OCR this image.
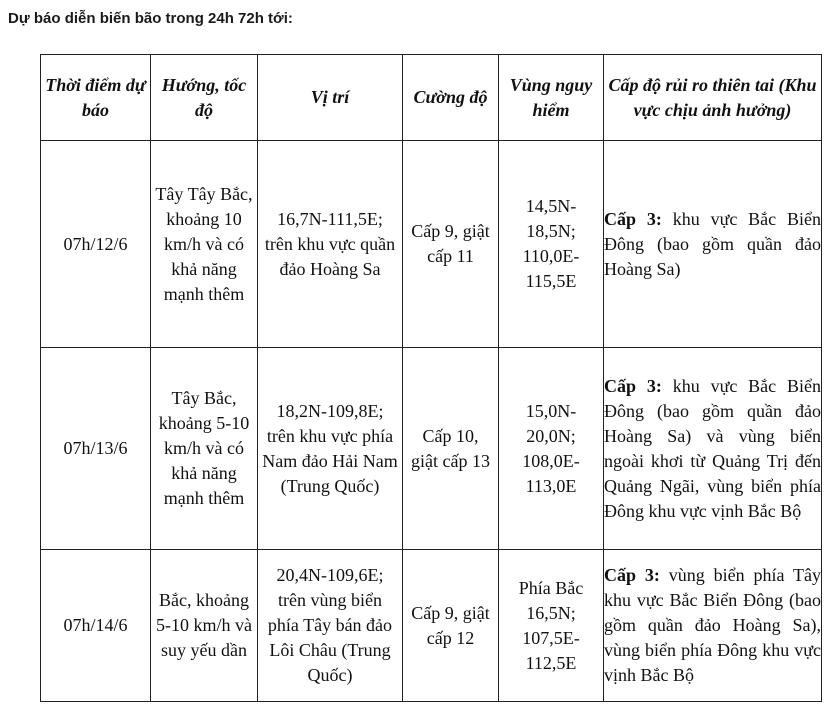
Dự báo diễn biến bão trong 24h 72h tới:
Thời điểm dự báo	Hướng, tốc độ	Vị trí	Cường độ	Vùng nguy hiểm	Cấp độ rủi ro thiên tai (Khu vực chịu ảnh hưởng)

07h/12/6	Tây Tây Bắc, khoảng 10 km/h và có khả năng mạnh thêm	16,7N-111,5E; trên khu vực quần đảo Hoàng Sa	Cấp 9, giật cấp 11	14,5N-18,5N; 110,0E-115,5E	Cấp 3: khu vực Bắc Biển Đông (bao gồm quần đảo Hoàng Sa)

07h/13/6	Tây Bắc, khoảng 5-10 km/h và có khả năng mạnh thêm	18,2N-109,8E; trên khu vực phía Nam đảo Hải Nam (Trung Quốc)	Cấp 10, giật cấp 13	15,0N-20,0N; 108,0E-113,0E	Cấp 3: khu vực Bắc Biển Đông (bao gồm quần đảo Hoàng Sa) và vùng biển ngoài khơi từ Quảng Trị đến Quảng Ngãi, vùng biển phía Đông khu vực vịnh Bắc Bộ

07h/14/6	Bắc, khoảng 5-10 km/h và suy yếu dần	20,4N-109,6E; trên vùng biển phía Tây bán đảo Lôi Châu (Trung Quốc)	Cấp 9, giật cấp 12	Phía Bắc 16,5N; 107,5E-112,5E	Cấp 3: vùng biển phía Tây khu vực Bắc Biển Đông (bao gồm quần đảo Hoàng Sa), vùng biển phía Đông khu vực vịnh Bắc Bộ
